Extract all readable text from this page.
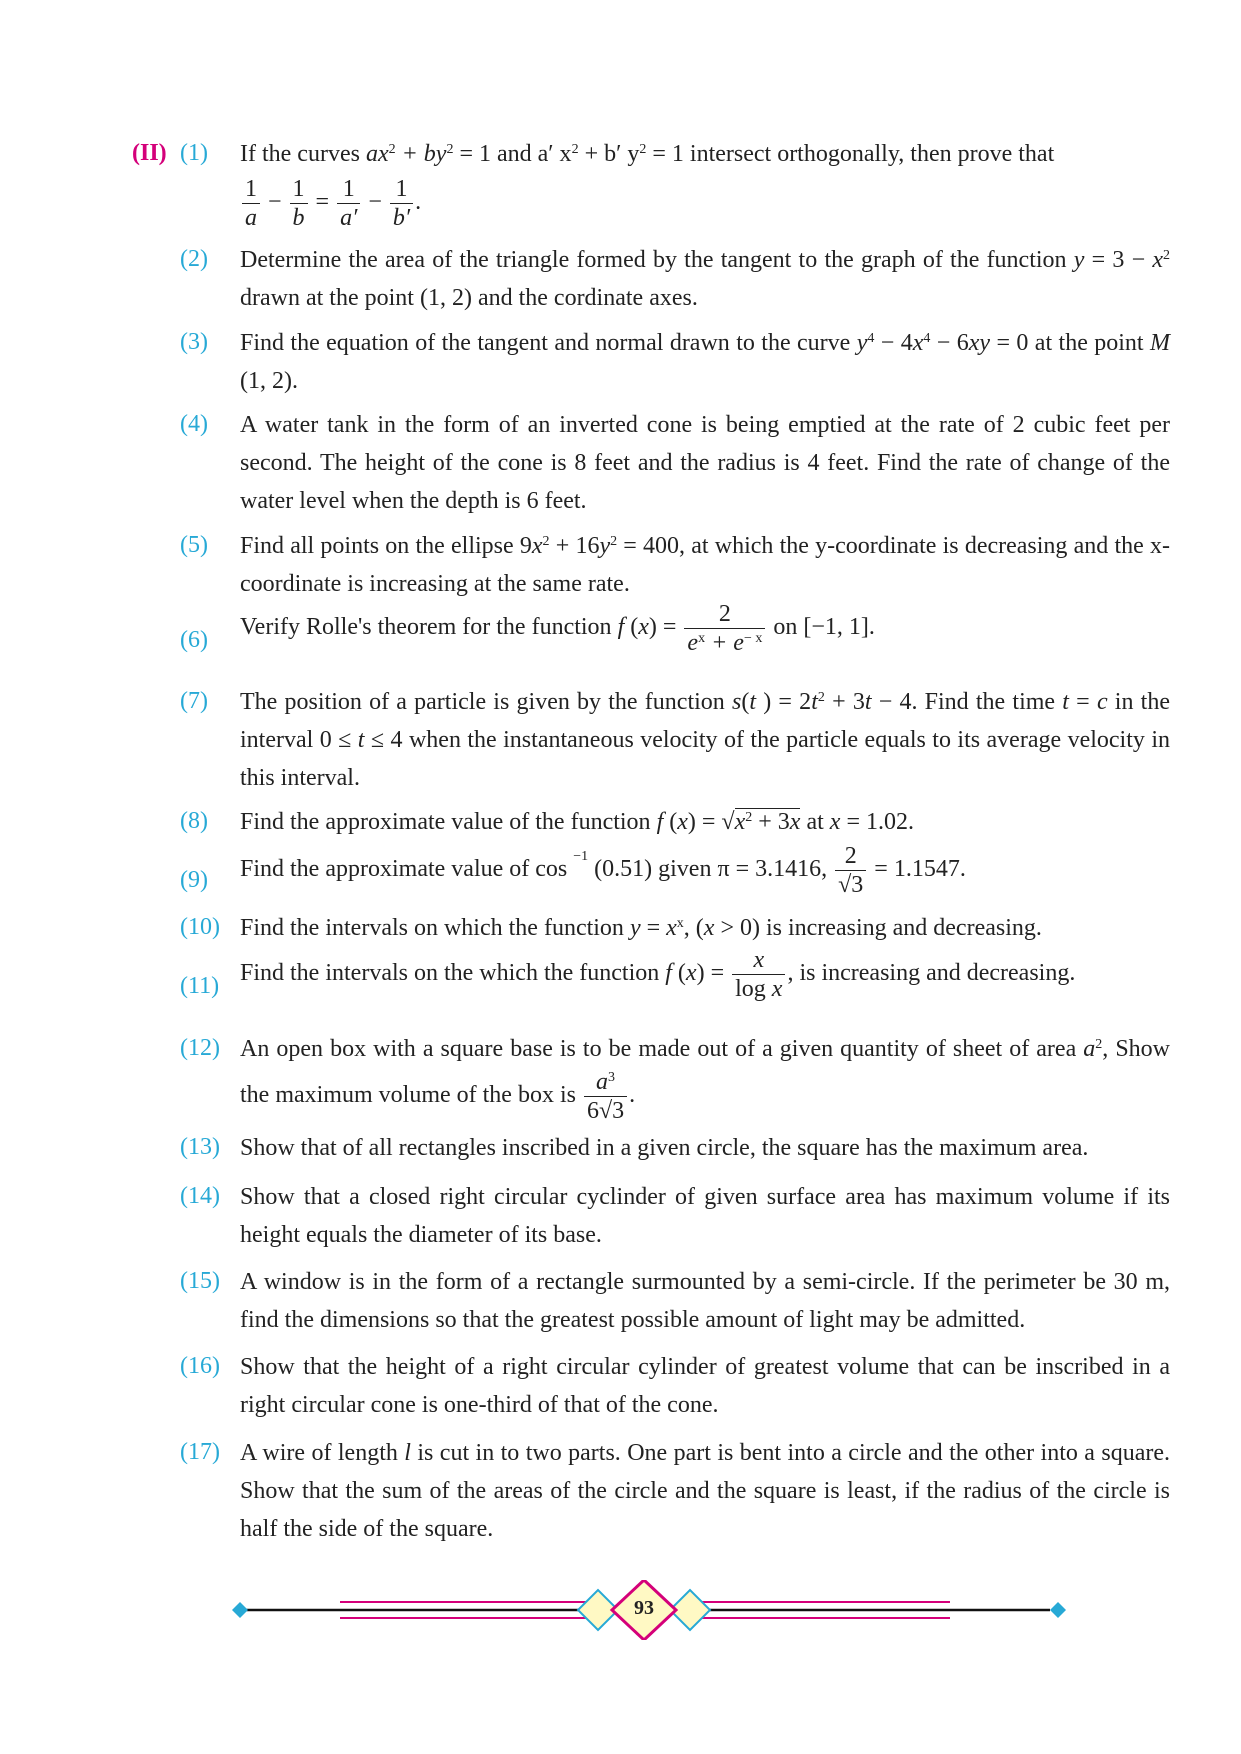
(II) (1) If the curves $ax^2 + by^2 = 1$ and a′ $x^2 + b'$ $y^2 = 1$ intersect orthogonally, then prove that

$\frac{1}{a} - \frac{1}{b} = \frac{1}{a'} - \frac{1}{b'}$ .

(2) Determine the area of the triangle formed by the tangent to the graph of the function $y = 3 - x^2$ drawn at the point (1, 2) and the cordinate axes.

(3) Find the equation of the tangent and normal drawn to the curve $y^4 - 4x^4 - 6xy = 0$ at the point M (1, 2).

(4) A water tank in the form of an inverted cone is being emptied at the rate of 2 cubic feet per second. The height of the cone is 8 feet and the radius is 4 feet. Find the rate of change of the water level when the depth is 6 feet.
(5) Find all points on the ellipse $9x^2 + 16y^2 = 400$, at which the y-coordinate is decreasing and the x-coordinate is increasing at the same rate.

(6) Verify Rolle's theorem for the function f $(x) = \frac{2}{e^x + e^{- x}}$ on [−1, 1].

(7) The position of a particle is given by the function s(t ) = $2t^2 + 3t - 4$. Find the time t = c in the interval 0 ≤ t ≤ 4 when the instantaneous velocity of the particle equals to its average velocity in this interval.

(8) Find the approximate value of the function f $(x) = √x^2 + 3x$ at x = 1.02.

(9) Find the approximate value of cos $^{-1}$ (0.51) given π = 3.1416, $\frac{2}{√3} = 1.1547$.

(10) Find the intervals on which the function $y = x^x$, (x > 0) is increasing and decreasing.

(11) Find the intervals on the which the function f $(x) = \frac{x}{\text{log x}}$ , is increasing and decreasing.

(12) An open box with a square base is to be made out of a given quantity of sheet of area $a^2$, Show the maximum volume of the box is $\frac{a^3}{6√3}$ .

(13) Show that of all rectangles inscribed in a given circle, the square has the maximum area.
(14) Show that a closed right circular cyclinder of given surface area has maximum volume if its height equals the diameter of its base.
(15) A window is in the form of a rectangle surmounted by a semi-circle. If the perimeter be 30 m, find the dimensions so that the greatest possible amount of light may be admitted.
(16) Show that the height of a right circular cylinder of greatest volume that can be inscribed in a right circular cone is one-third of that of the cone.
(17) A wire of length l is cut in to two parts. One part is bent into a circle and the other into a square. Show that the sum of the areas of the circle and the square is least, if the radius of the circle is half the side of the square.

93
